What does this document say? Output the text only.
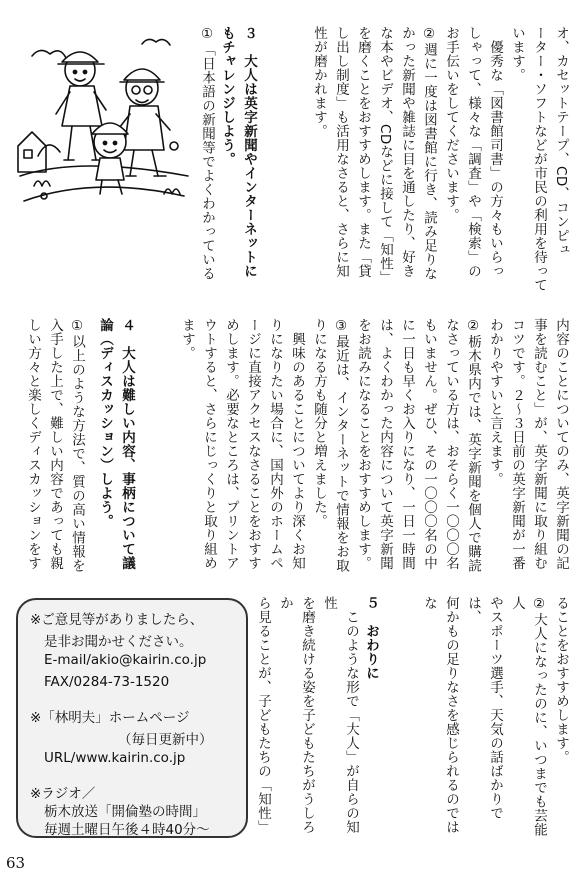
オ、カセットテープ、CD、コンピュ
ーター・ソフトなどが市民の利用を待って
います。
　優秀な「図書館司書」の方々もいらっ
しゃって、様々な「調査」や「検索」の
お手伝いをしてくださいます。
②週に一度は図書館に行き、読み足りな
かった新聞や雑誌に目を通したり、好き
な本やビデオ、CDなどに接して「知性」
を磨くことをおすすめします。また「貸
し出し制度」も活用なさると、さらに知
性が磨かれます。
３　大人は英字新聞やインターネットに
もチャレンジしよう。
①「日本語の新聞等でよくわかっている
内容のことについてのみ、英字新聞の記
事を読むこと」が、英字新聞に取り組む
コツです。２～３日前の英字新聞が一番
わかりやすいと言えます。
②栃木県内では、英字新聞を個人で購読
なさっている方は、おそらく一〇〇〇名
もいません。ぜひ、その一〇〇〇名の中
に一日も早くお入りになり、一日一時間
は、よくわかった内容について英字新聞
をお読みになることをおすすめします。
③最近は、インターネットで情報をお取
りになる方も随分と増えました。
　興味のあることについてより深くお知
りになりたい場合に、国内外のホームペ
ージに直接アクセスなさることをおすす
めします。必要なところは、プリントア
ウトすると、さらにじっくりと取り組め
ます。
４　大人は難しい内容、事柄について議
論（ディスカッション）しよう。
①以上のような方法で、質の高い情報を
入手した上で、難しい内容であっても親
しい方々と楽しくディスカッションをす
ることをおすすめします。
②大人になったのに、いつまでも芸能人
やスポーツ選手、天気の話ばかりでは、
何かもの足りなさを感じられるのではな

５　おわりに
　このような形で「大人」が自らの知性
を磨き続ける姿を子どもたちがうしろか
ら見ることが、子どもたちの「知性」

※ご意見等がありましたら、
是非お聞かせください。
E-mail/akio@kairin.co.jp
FAX/0284-73-1520
※「林明夫」ホームページ
（毎日更新中）
URL/www.kairin.co.jp
※ラジオ／
栃木放送「開倫塾の時間」
毎週土曜日午後４時40分～
63
